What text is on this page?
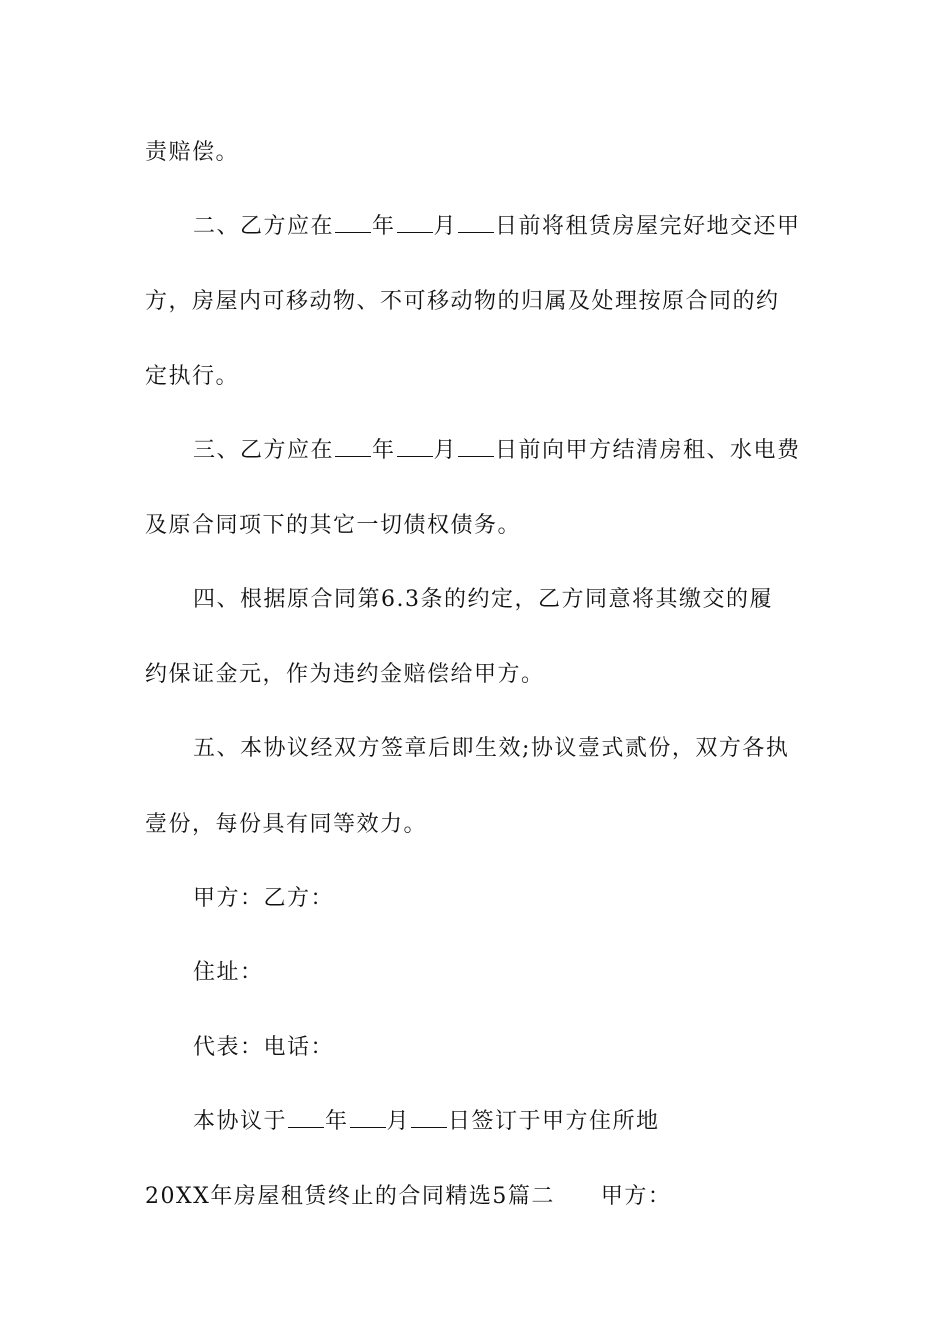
责赔偿。
二、乙方应在 年 月 日前将租赁房屋完好地交还甲
方，房屋内可移动物、不可移动物的归属及处理按原合同的约
定执行。
三、乙方应在 年 月 日前向甲方结清房租、水电费
及原合同项下的其它一切债权债务。
四、根据原合同第6.3条的约定，乙方同意将其缴交的履
约保证金元，作为违约金赔偿给甲方。
五、本协议经双方签章后即生效;协议壹式贰份，双方各执
壹份，每份具有同等效力。
甲方：乙方：
住址：
代表：电话：
本协议于 年 月 日签订于甲方住所地
20XX年房屋租赁终止的合同精选5篇二 甲方：
